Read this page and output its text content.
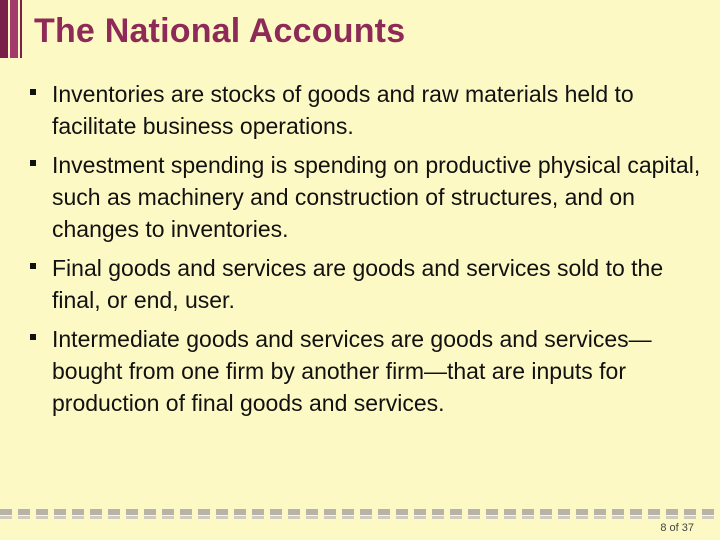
The National Accounts
Inventories are stocks of goods and raw materials held to facilitate business operations.
Investment spending is spending on productive physical capital, such as machinery and construction of structures, and on changes to inventories.
Final goods and services are goods and services sold to the final, or end, user.
Intermediate goods and services are goods and services—bought from one firm by another firm—that are inputs for production of final goods and services.
8 of 37
